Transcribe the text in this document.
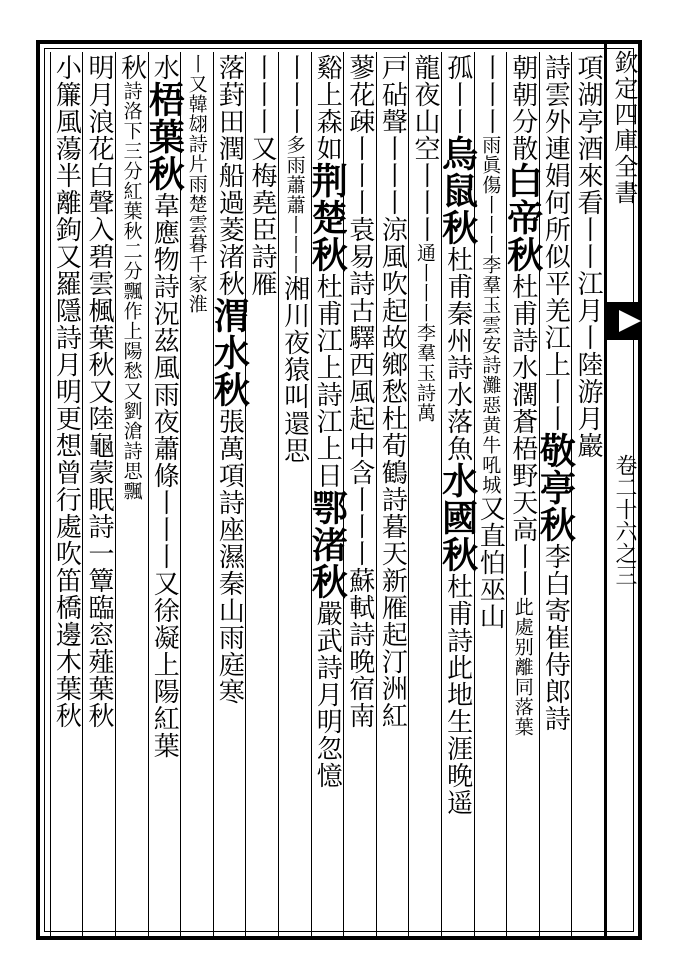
欽定四庫全書
卷二十六之三
項湖亭酒來看丨丨江月丨陸游月巖
詩雲外連娟何所似平羌江上丨丨敬亭秋李白寄崔侍郎詩
朝朝分散白帝秋杜甫詩水濶蒼梧野天高丨丨此處别離同落葉
丨丨丨雨眞傷丨丨丨李羣玉雲安詩灘惡黄牛吼城又直怕巫山
孤丨丨烏鼠秋杜甫秦州詩水落魚水國秋杜甫詩此地生涯晚遥
龍夜山空丨丨丨通丨丨丨李羣玉詩萬
戸砧聲丨丨丨涼風吹起故鄉愁杜荀鶴詩暮天新雁起汀洲紅
蓼花疎丨丨丨袁易詩古驛西風起中含丨丨丨蘇軾詩晚宿南
谿上森如荆楚秋杜甫江上詩江上日鄂渚秋嚴武詩月明忽憶
丨丨丨多雨蕭蕭丨丨丨湘川夜猿叫還思
丨丨丨又梅堯臣詩雁
落葑田潤船過菱渚秋渭水秋張萬項詩座濕秦山雨庭寒
丨又韓翃詩片雨楚雲暮千家淮
水梧葉秋韋應物詩況茲風雨夜蕭條丨丨丨又徐凝上陽紅葉
秋詩洛下三分紅葉秋二分飄作上陽愁又劉滄詩思飄
明月浪花白聲入碧雲楓葉秋又陸龜蒙眠詩一簟臨窓薤葉秋
小簾風蕩半離鉤又羅隱詩月明更想曾行處吹笛橋邊木葉秋
